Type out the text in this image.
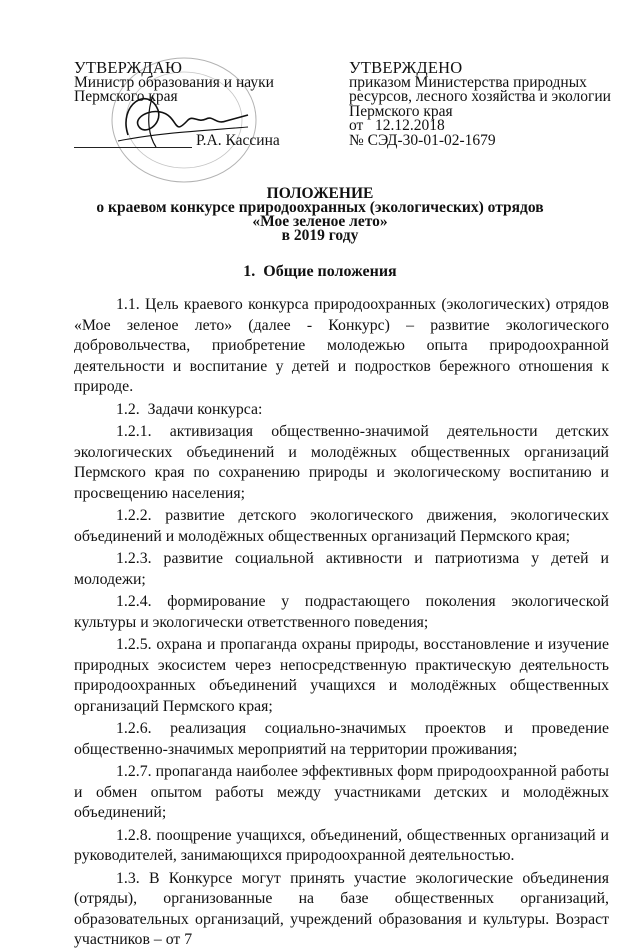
УТВЕРЖДАЮ
Министр образования и науки
Пермского края
Р.А. Кассина
УТВЕРЖДЕНО
приказом Министерства природных
ресурсов, лесного хозяйства и экологии
Пермского края
от   12.12.2018
№ СЭД-30-01-02-1679
ПОЛОЖЕНИЕ
о краевом конкурсе природоохранных (экологических) отрядов
«Мое зеленое лето»
в 2019 году
1.  Общие положения

1.1. Цель краевого конкурса природоохранных (экологических) отрядов «Мое зеленое лето» (далее - Конкурс) – развитие экологического добровольчества, приобретение молодежью опыта природоохранной деятельности и воспитание у детей и подростков бережного отношения к природе.

1.2.  Задачи конкурса:

1.2.1. активизация общественно-значимой деятельности детских экологических объединений и молодёжных общественных организаций Пермского края по сохранению природы и экологическому воспитанию и просвещению населения;

1.2.2. развитие детского экологического движения, экологических объединений и молодёжных общественных организаций Пермского края;

1.2.3. развитие социальной активности и патриотизма у детей и молодежи;

1.2.4. формирование у подрастающего поколения экологической культуры и экологически ответственного поведения;

1.2.5. охрана и пропаганда охраны природы, восстановление и изучение природных экосистем через непосредственную практическую деятельность природоохранных объединений учащихся и молодёжных общественных организаций Пермского края;

1.2.6. реализация социально-значимых проектов и проведение общественно-значимых мероприятий на территории проживания;

1.2.7. пропаганда наиболее эффективных форм природоохранной работы и обмен опытом работы между участниками детских и молодёжных объединений;

1.2.8. поощрение учащихся, объединений, общественных организаций и руководителей, занимающихся природоохранной деятельностью.

1.3. В Конкурсе могут принять участие экологические объединения (отряды), организованные на базе общественных организаций, образовательных организаций, учреждений образования и культуры. Возраст участников – от 7
